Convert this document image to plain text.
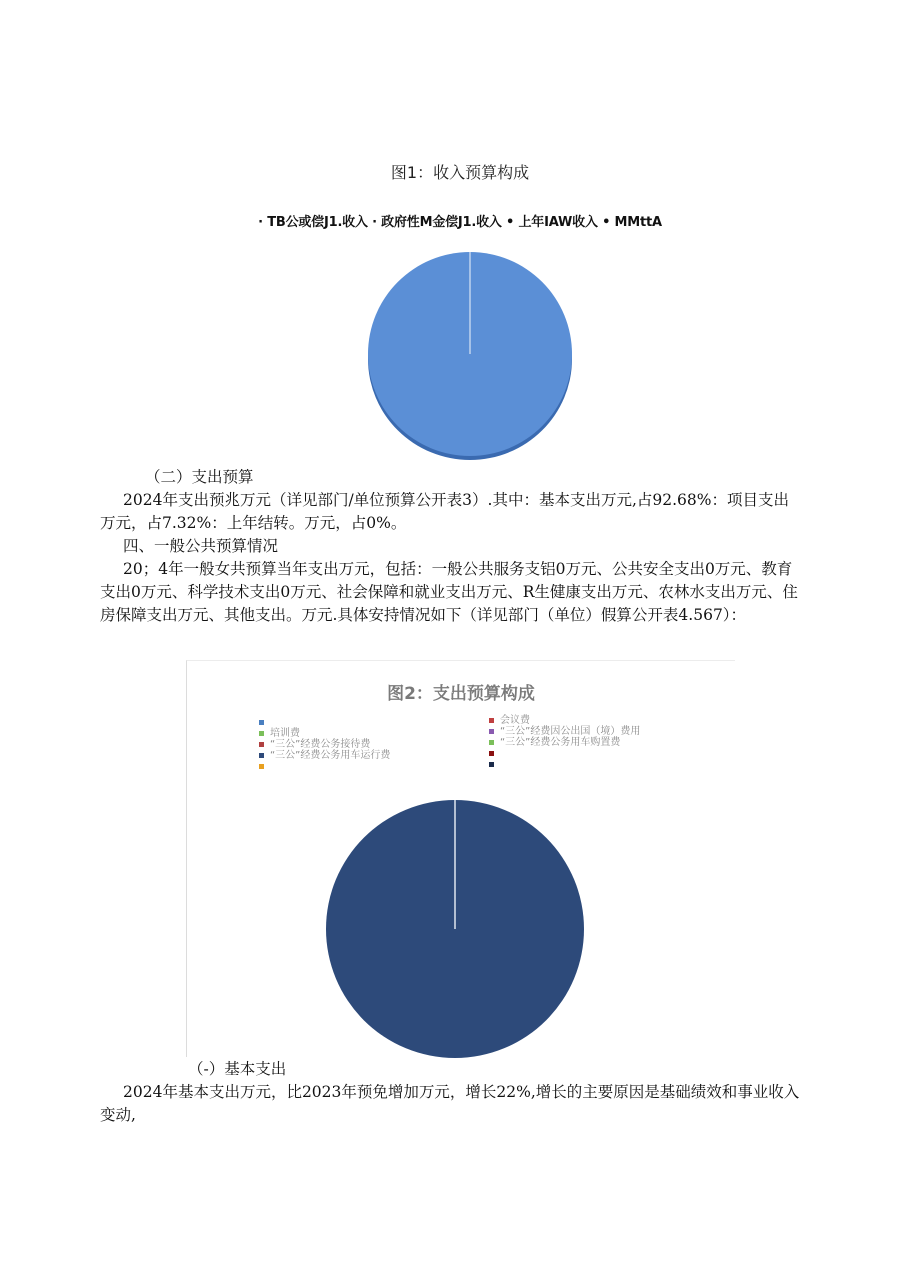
图1：收入预算构成
· TB公或偿J1.收入 · 政府性M金偿J1.收入 • 上年IAW收入 • MMttA
（二）支出预算
2024年支出预兆万元（详见部门/单位预算公开表3）.其中：基本支出万元,占92.68%：项目支出
万元，占7.32%：上年结转。万元，占0%。
四、一般公共预算情况
20；4年一般女共预算当年支出万元，包括：一般公共服务支铝0万元、公共安全支出0万元、教育
支出0万元、科学技术支出0万元、社会保障和就业支出万元、R生健康支出万元、农林水支出万元、住
房保障支出万元、其他支出。万元.具体安持情况如下（详见部门（单位）假算公开表4.567）：
图2：支出预算构成
培训费
“三公”经费公务接待费
“三公”经费公务用车运行费
会议费
“三公”经费因公出国（境）费用
“三公”经费公务用车购置费
（-）基本支出
2024年基本支出万元，比2023年预免增加万元，增长22%,增长的主要原因是基础绩效和事业收入
变动,
